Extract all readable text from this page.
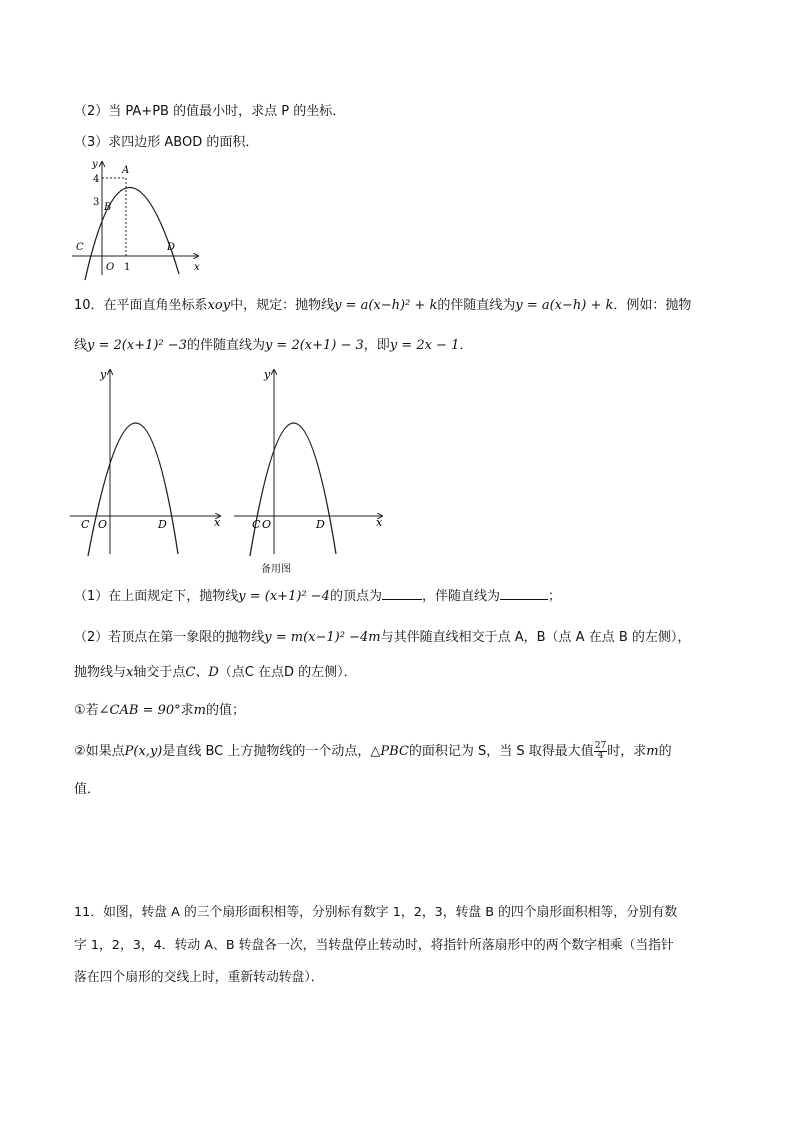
（2）当 PA+PB 的值最小时，求点 P 的坐标．
（3）求四边形 ABOD 的面积．
y
x
A
B
C	D
O
4
3
1
10．在平面直角坐标系xoy中，规定：抛物线y = a(x−h)² + k的伴随直线为y = a(x−h) + k．例如：抛物
线y = 2(x+1)² −3的伴随直线为y = 2(x+1) − 3，即y = 2x − 1．
y
x
C O	D
y
x
C O	D
备用图
（1）在上面规定下，抛物线y = (x+1)² −4的顶点为	，伴随直线为	；
（2）若顶点在第一象限的抛物线y = m(x−1)² −4m与其伴随直线相交于点 A，B（点 A 在点 B 的左侧），
抛物线与x轴交于点C、D（点C 在点D 的左侧）．
①若∠CAB = 90°求m的值；
②如果点P(x,y)是直线 BC 上方抛物线的一个动点，△PBC的面积记为 S，当 S 取得最大值 $\frac{27}{4}$ 时，求m的
值．
11．如图，转盘 A 的三个扇形面积相等，分别标有数字 1，2，3，转盘 B 的四个扇形面积相等，分别有数
字 1，2，3，4．转动 A、B 转盘各一次，当转盘停止转动时，将指针所落扇形中的两个数字相乘（当指针
落在四个扇形的交线上时，重新转动转盘）．
